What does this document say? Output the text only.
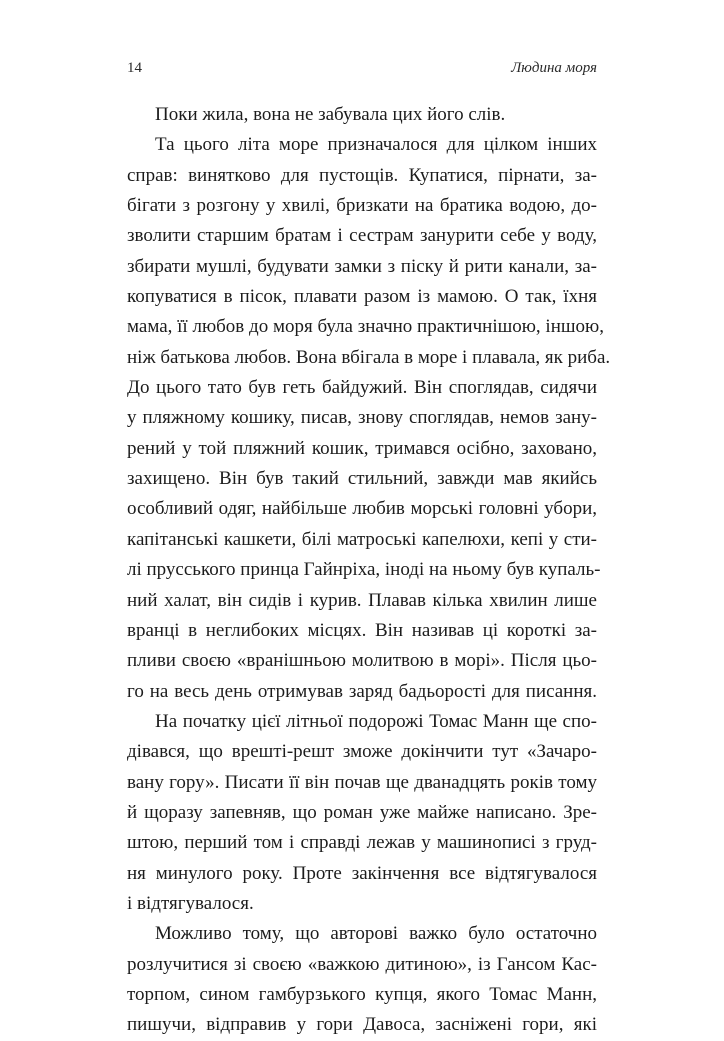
14	Людина моря
Поки жила, вона не забувала цих його слів.
Та цього літа море призначалося для цілком інших
справ: винятково для пустощів. Купатися, пірнати, за-
бігати з розгону у хвилі, бризкати на братика водою, до-
зволити старшим братам і сестрам занурити себе у воду,
збирати мушлі, будувати замки з піску й рити канали, за-
копуватися в пісок, плавати разом із мамою. О так, їхня
мама, її любов до моря була значно практичнішою, іншою,
ніж батькова любов. Вона вбігала в море і плавала, як риба.
До цього тато був геть байдужий. Він споглядав, сидячи
у пляжному кошику, писав, знову споглядав, немов зану-
рений у той пляжний кошик, тримався осібно, заховано,
захищено. Він був такий стильний, завжди мав якийсь
особливий одяг, найбільше любив морські головні убори,
капітанські кашкети, білі матроські капелюхи, кепі у сти-
лі прусського принца Гайнріха, іноді на ньому був купаль-
ний халат, він сидів і курив. Плавав кілька хвилин лише
вранці в неглибоких місцях. Він називав ці короткі за-
пливи своєю «вранішньою молитвою в морі». Після цьо-
го на весь день отримував заряд бадьорості для писання.
На початку цієї літньої подорожі Томас Манн ще спо-
дівався, що врешті-решт зможе докінчити тут «Зачаро-
вану гору». Писати її він почав ще дванадцять років тому
й щоразу запевняв, що роман уже майже написано. Зре-
штою, перший том і справді лежав у машинописі з груд-
ня минулого року. Проте закінчення все відтягувалося
і відтягувалося.
Можливо тому, що авторові важко було остаточно
розлучитися зі своєю «важкою дитиною», із Гансом Кас-
торпом, сином гамбурзького купця, якого Томас Манн,
пишучи, відправив у гори Давоса, засніжені гори, які
